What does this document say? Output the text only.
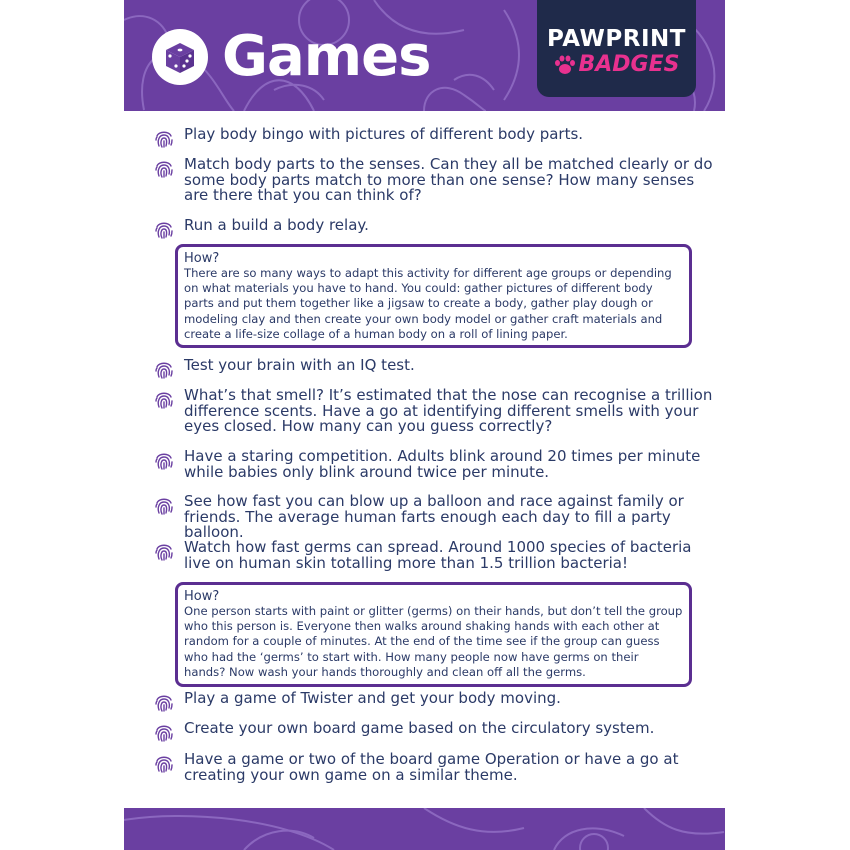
Games	PAWPRINT
BADGES
Play body bingo with pictures of different body parts.
Match body parts to the senses. Can they all be matched clearly or do some body parts match to more than one sense? How many senses are there that you can think of?
Run a build a body relay.
How?
There are so many ways to adapt this activity for different age groups or depending on what materials you have to hand. You could: gather pictures of different body parts and put them together like a jigsaw to create a body, gather play dough or modeling clay and then create your own body model or gather craft materials and create a life-size collage of a human body on a roll of lining paper.
Test your brain with an IQ test.
What’s that smell? It’s estimated that the nose can recognise a trillion difference scents. Have a go at identifying different smells with your eyes closed. How many can you guess correctly?
Have a staring competition. Adults blink around 20 times per minute while babies only blink around twice per minute.
See how fast you can blow up a balloon and race against family or friends. The average human farts enough each day to fill a party balloon.
Watch how fast germs can spread. Around 1000 species of bacteria live on human skin totalling more than 1.5 trillion bacteria!
How?
One person starts with paint or glitter (germs) on their hands, but don’t tell the group who this person is. Everyone then walks around shaking hands with each other at random for a couple of minutes. At the end of the time see if the group can guess who had the ‘germs’ to start with. How many people now have germs on their hands? Now wash your hands thoroughly and clean off all the germs.
Play a game of Twister and get your body moving.
Create your own board game based on the circulatory system.
Have a game or two of the board game Operation or have a go at creating your own game on a similar theme.
